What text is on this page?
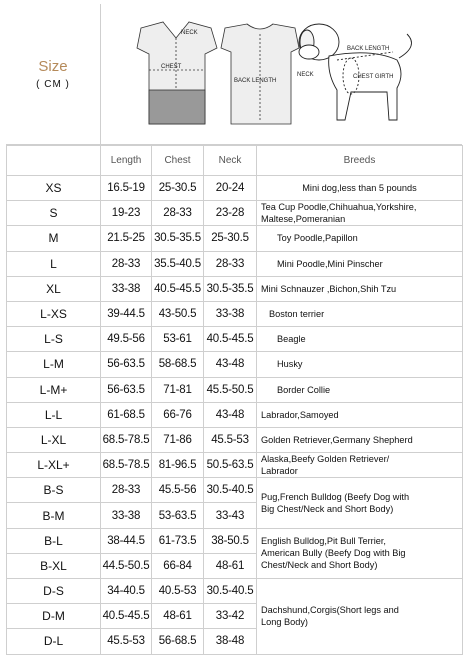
Size
( CM )
NECK
CHEST
BACK LENGTH
BACK LENGTH
NECK	CHEST GIRTH
	Length	Chest	Neck	Breeds
XS	16.5-19	25-30.5	20-24	Mini dog,less than 5 pounds
S	19-23	28-33	23-28	Tea Cup Poodle,Chihuahua,Yorkshire,
Maltese,Pomeranian
M	21.5-25	30.5-35.5	25-30.5	Toy Poodle,Papillon
L	28-33	35.5-40.5	28-33	Mini Poodle,Mini Pinscher
XL	33-38	40.5-45.5	30.5-35.5	Mini Schnauzer ,Bichon,Shih Tzu
L-XS	39-44.5	43-50.5	33-38	Boston terrier
L-S	49.5-56	53-61	40.5-45.5	Beagle
L-M	56-63.5	58-68.5	43-48	Husky
L-M+	56-63.5	71-81	45.5-50.5	Border Collie
L-L	61-68.5	66-76	43-48	Labrador,Samoyed
L-XL	68.5-78.5	71-86	45.5-53	Golden Retriever,Germany Shepherd
L-XL+	68.5-78.5	81-96.5	50.5-63.5	Alaska,Beefy Golden Retriever/
Labrador
B-S	28-33	45.5-56	30.5-40.5	Pug,French Bulldog (Beefy Dog with
Big Chest/Neck and Short Body)
B-M	33-38	53-63.5	33-43	
B-L	38-44.5	61-73.5	38-50.5	English Bulldog,Pit Bull Terrier,
American Bully (Beefy Dog with Big
Chest/Neck and Short Body)
B-XL	44.5-50.5	66-84	48-61	
D-S	34-40.5	40.5-53	30.5-40.5	Dachshund,Corgis(Short legs and
Long Body)
D-M	40.5-45.5	48-61	33-42	
D-L	45.5-53	56-68.5	38-48	
